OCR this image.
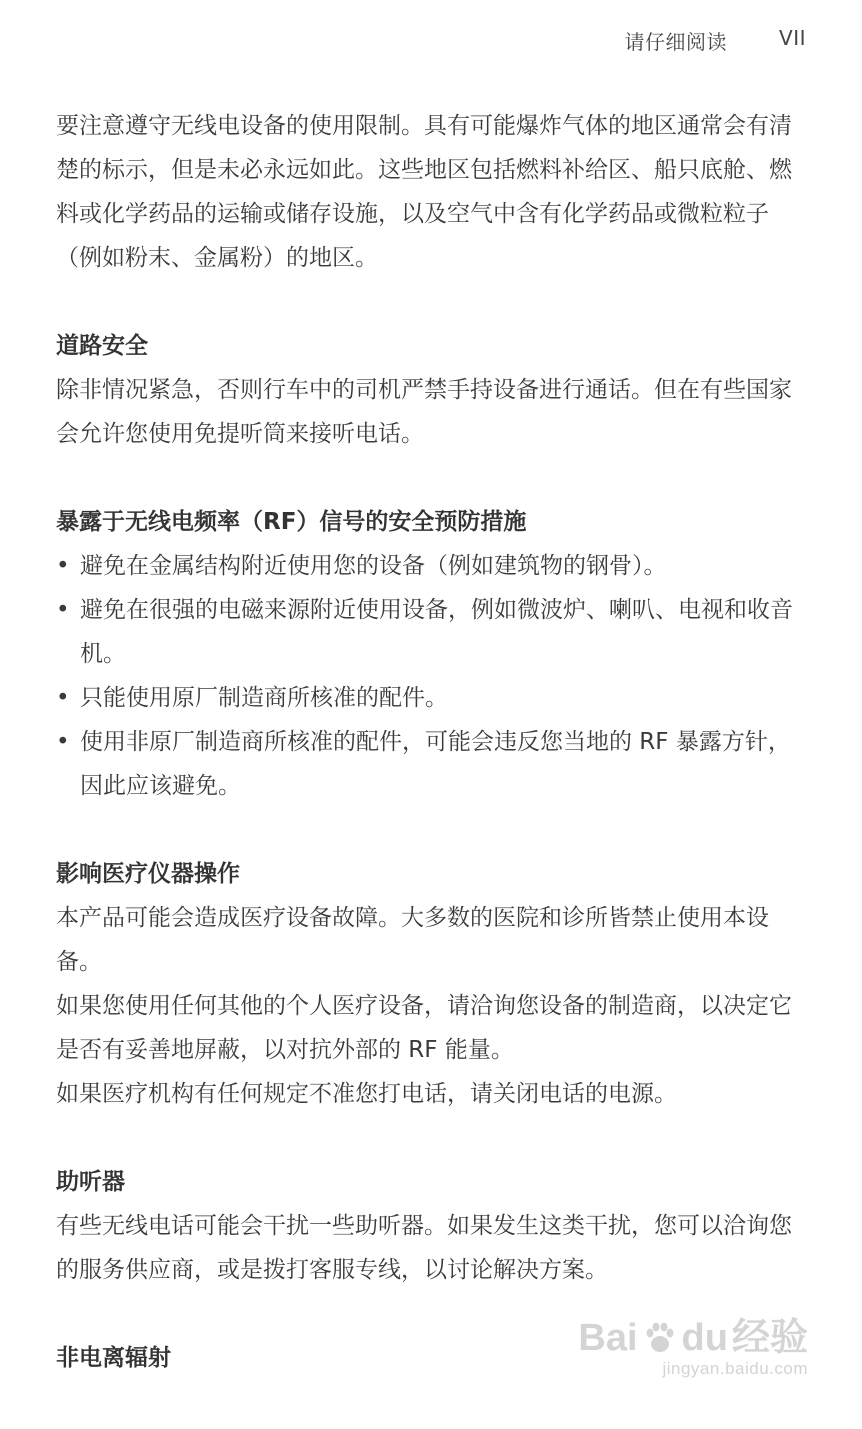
请仔细阅读	VII

要注意遵守无线电设备的使用限制。具有可能爆炸气体的地区通常会有清楚的标示，但是未必永远如此。这些地区包括燃料补给区、船只底舱、燃料或化学药品的运输或储存设施，以及空气中含有化学药品或微粒粒子（例如粉末、金属粉）的地区。

道路安全

除非情况紧急，否则行车中的司机严禁手持设备进行通话。但在有些国家会允许您使用免提听筒来接听电话。

暴露于无线电频率（RF）信号的安全预防措施
• 避免在金属结构附近使用您的设备（例如建筑物的钢骨）。
• 避免在很强的电磁来源附近使用设备，例如微波炉、喇叭、电视和收音机。
• 只能使用原厂制造商所核准的配件。
• 使用非原厂制造商所核准的配件，可能会违反您当地的 RF 暴露方针，因此应该避免。
影响医疗仪器操作

本产品可能会造成医疗设备故障。大多数的医院和诊所皆禁止使用本设备。

如果您使用任何其他的个人医疗设备，请洽询您设备的制造商，以决定它是否有妥善地屏蔽，以对抗外部的 RF 能量。

如果医疗机构有任何规定不准您打电话，请关闭电话的电源。

助听器

有些无线电话可能会干扰一些助听器。如果发生这类干扰，您可以洽询您的服务供应商，或是拨打客服专线，以讨论解决方案。

非电离辐射	Bai du 经验
jingyan.baidu.com
